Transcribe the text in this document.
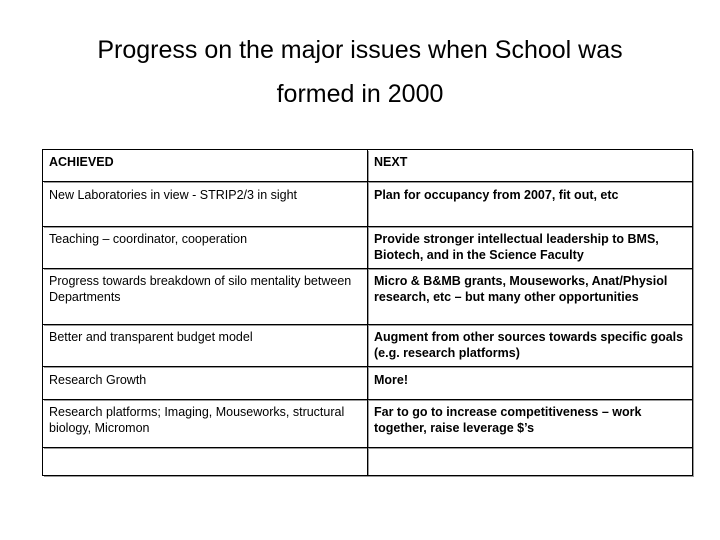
Progress on the major issues when School was
formed in 2000
ACHIEVED	NEXT
New Laboratories in view - STRIP2/3 in sight	Plan for occupancy from 2007, fit out, etc
Teaching – coordinator, cooperation	Provide stronger intellectual leadership to BMS, Biotech, and in the Science Faculty
Progress towards breakdown of silo mentality between Departments	Micro & B&MB grants, Mouseworks, Anat/Physiol research, etc – but many other opportunities
Better and transparent budget model	Augment from other sources towards specific goals (e.g. research platforms)
Research Growth	More!
Research platforms; Imaging, Mouseworks, structural biology, Micromon	Far to go to increase competitiveness – work together, raise leverage $’s
